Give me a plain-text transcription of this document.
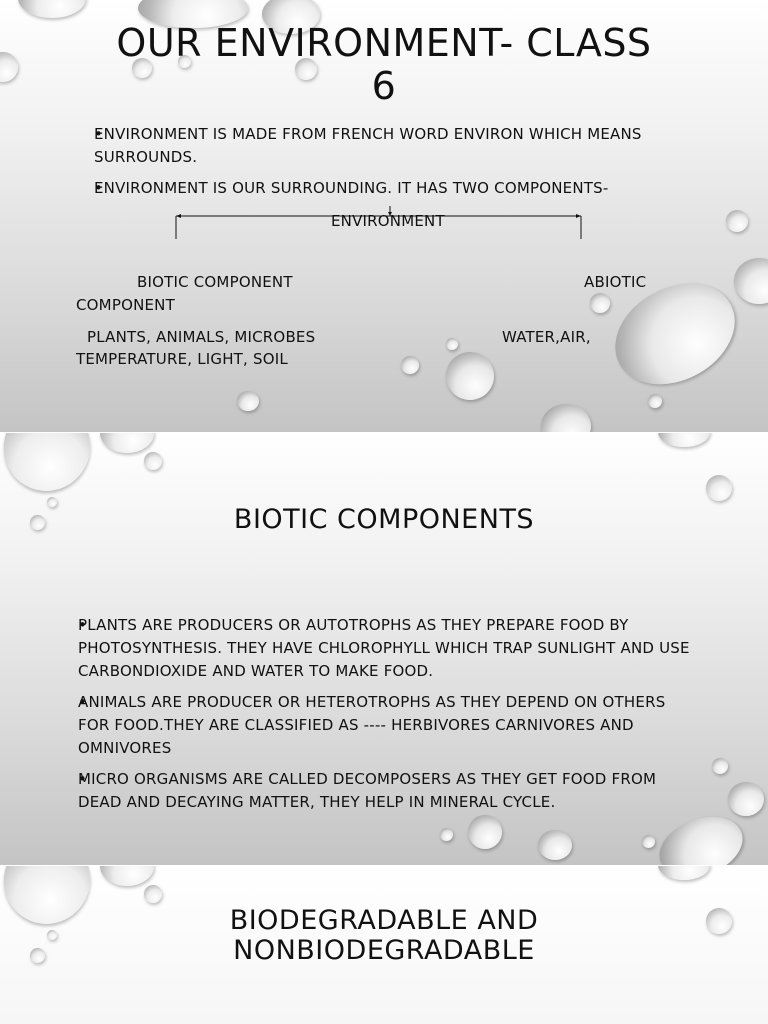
OUR ENVIRONMENT- CLASS 6
• ENVIRONMENT IS MADE FROM FRENCH WORD ENVIRON WHICH MEANS SURROUNDS.
• ENVIRONMENT IS OUR SURROUNDING. IT HAS TWO COMPONENTS-
ENVIRONMENT
BIOTIC COMPONENT	ABIOTIC
COMPONENT
PLANTS, ANIMALS, MICROBES	WATER,AIR,
TEMPERATURE, LIGHT, SOIL
BIOTIC COMPONENTS
• PLANTS ARE PRODUCERS OR AUTOTROPHS AS THEY PREPARE FOOD BY PHOTOSYNTHESIS. THEY HAVE CHLOROPHYLL WHICH TRAP SUNLIGHT AND USE CARBONDIOXIDE AND WATER TO MAKE FOOD.
• ANIMALS ARE PRODUCER OR HETEROTROPHS AS THEY DEPEND ON OTHERS FOR FOOD.THEY ARE CLASSIFIED AS ---- HERBIVORES CARNIVORES AND OMNIVORES
• MICRO ORGANISMS ARE CALLED DECOMPOSERS AS THEY GET FOOD FROM DEAD AND DECAYING MATTER, THEY HELP IN MINERAL CYCLE.
BIODEGRADABLE AND NONBIODEGRADABLE
